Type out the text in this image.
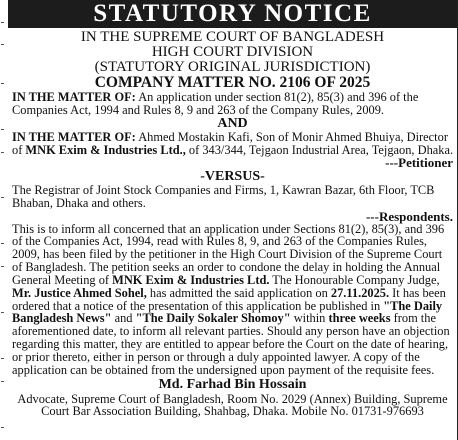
STATUTORY NOTICE
IN THE SUPREME COURT OF BANGLADESH
HIGH COURT DIVISION
(STATUTORY ORIGINAL JURISDICTION)
COMPANY MATTER NO. 2106 OF 2025
IN THE MATTER OF: An application under section 81(2), 85(3) and 396 of the Companies Act, 1994 and Rules 8, 9 and 263 of the Company Rules, 2009.
AND
IN THE MATTER OF: Ahmed Mostakin Kafi, Son of Monir Ahmed Bhuiya, Director of MNK Exim & Industries Ltd., of 343/344, Tejgaon Industrial Area, Tejgaon, Dhaka.
---Petitioner
-VERSUS-
The Registrar of Joint Stock Companies and Firms, 1, Kawran Bazar, 6th Floor, TCB Bhaban, Dhaka and others.
---Respondents.
This is to inform all concerned that an application under Sections 81(2), 85(3), and 396 of the Companies Act, 1994, read with Rules 8, 9, and 263 of the Companies Rules, 2009, has been filed by the petitioner in the High Court Division of the Supreme Court of Bangladesh. The petition seeks an order to condone the delay in holding the Annual General Meeting of MNK Exim & Industries Ltd. The Honourable Company Judge, Mr. Justice Ahmed Sohel, has admitted the said application on 27.11.2025. It has been ordered that a notice of the presentation of this application be published in "The Daily Bangladesh News" and "The Daily Sokaler Shomoy" within three weeks from the aforementioned date, to inform all relevant parties. Should any person have an objection regarding this matter, they are entitled to appear before the Court on the date of hearing, or prior thereto, either in person or through a duly appointed lawyer. A copy of the application can be obtained from the undersigned upon payment of the requisite fees.
Md. Farhad Bin Hossain
Advocate, Supreme Court of Bangladesh, Room No. 2029 (Annex) Building, Supreme Court Bar Association Building, Shahbag, Dhaka. Mobile No. 01731-976693
